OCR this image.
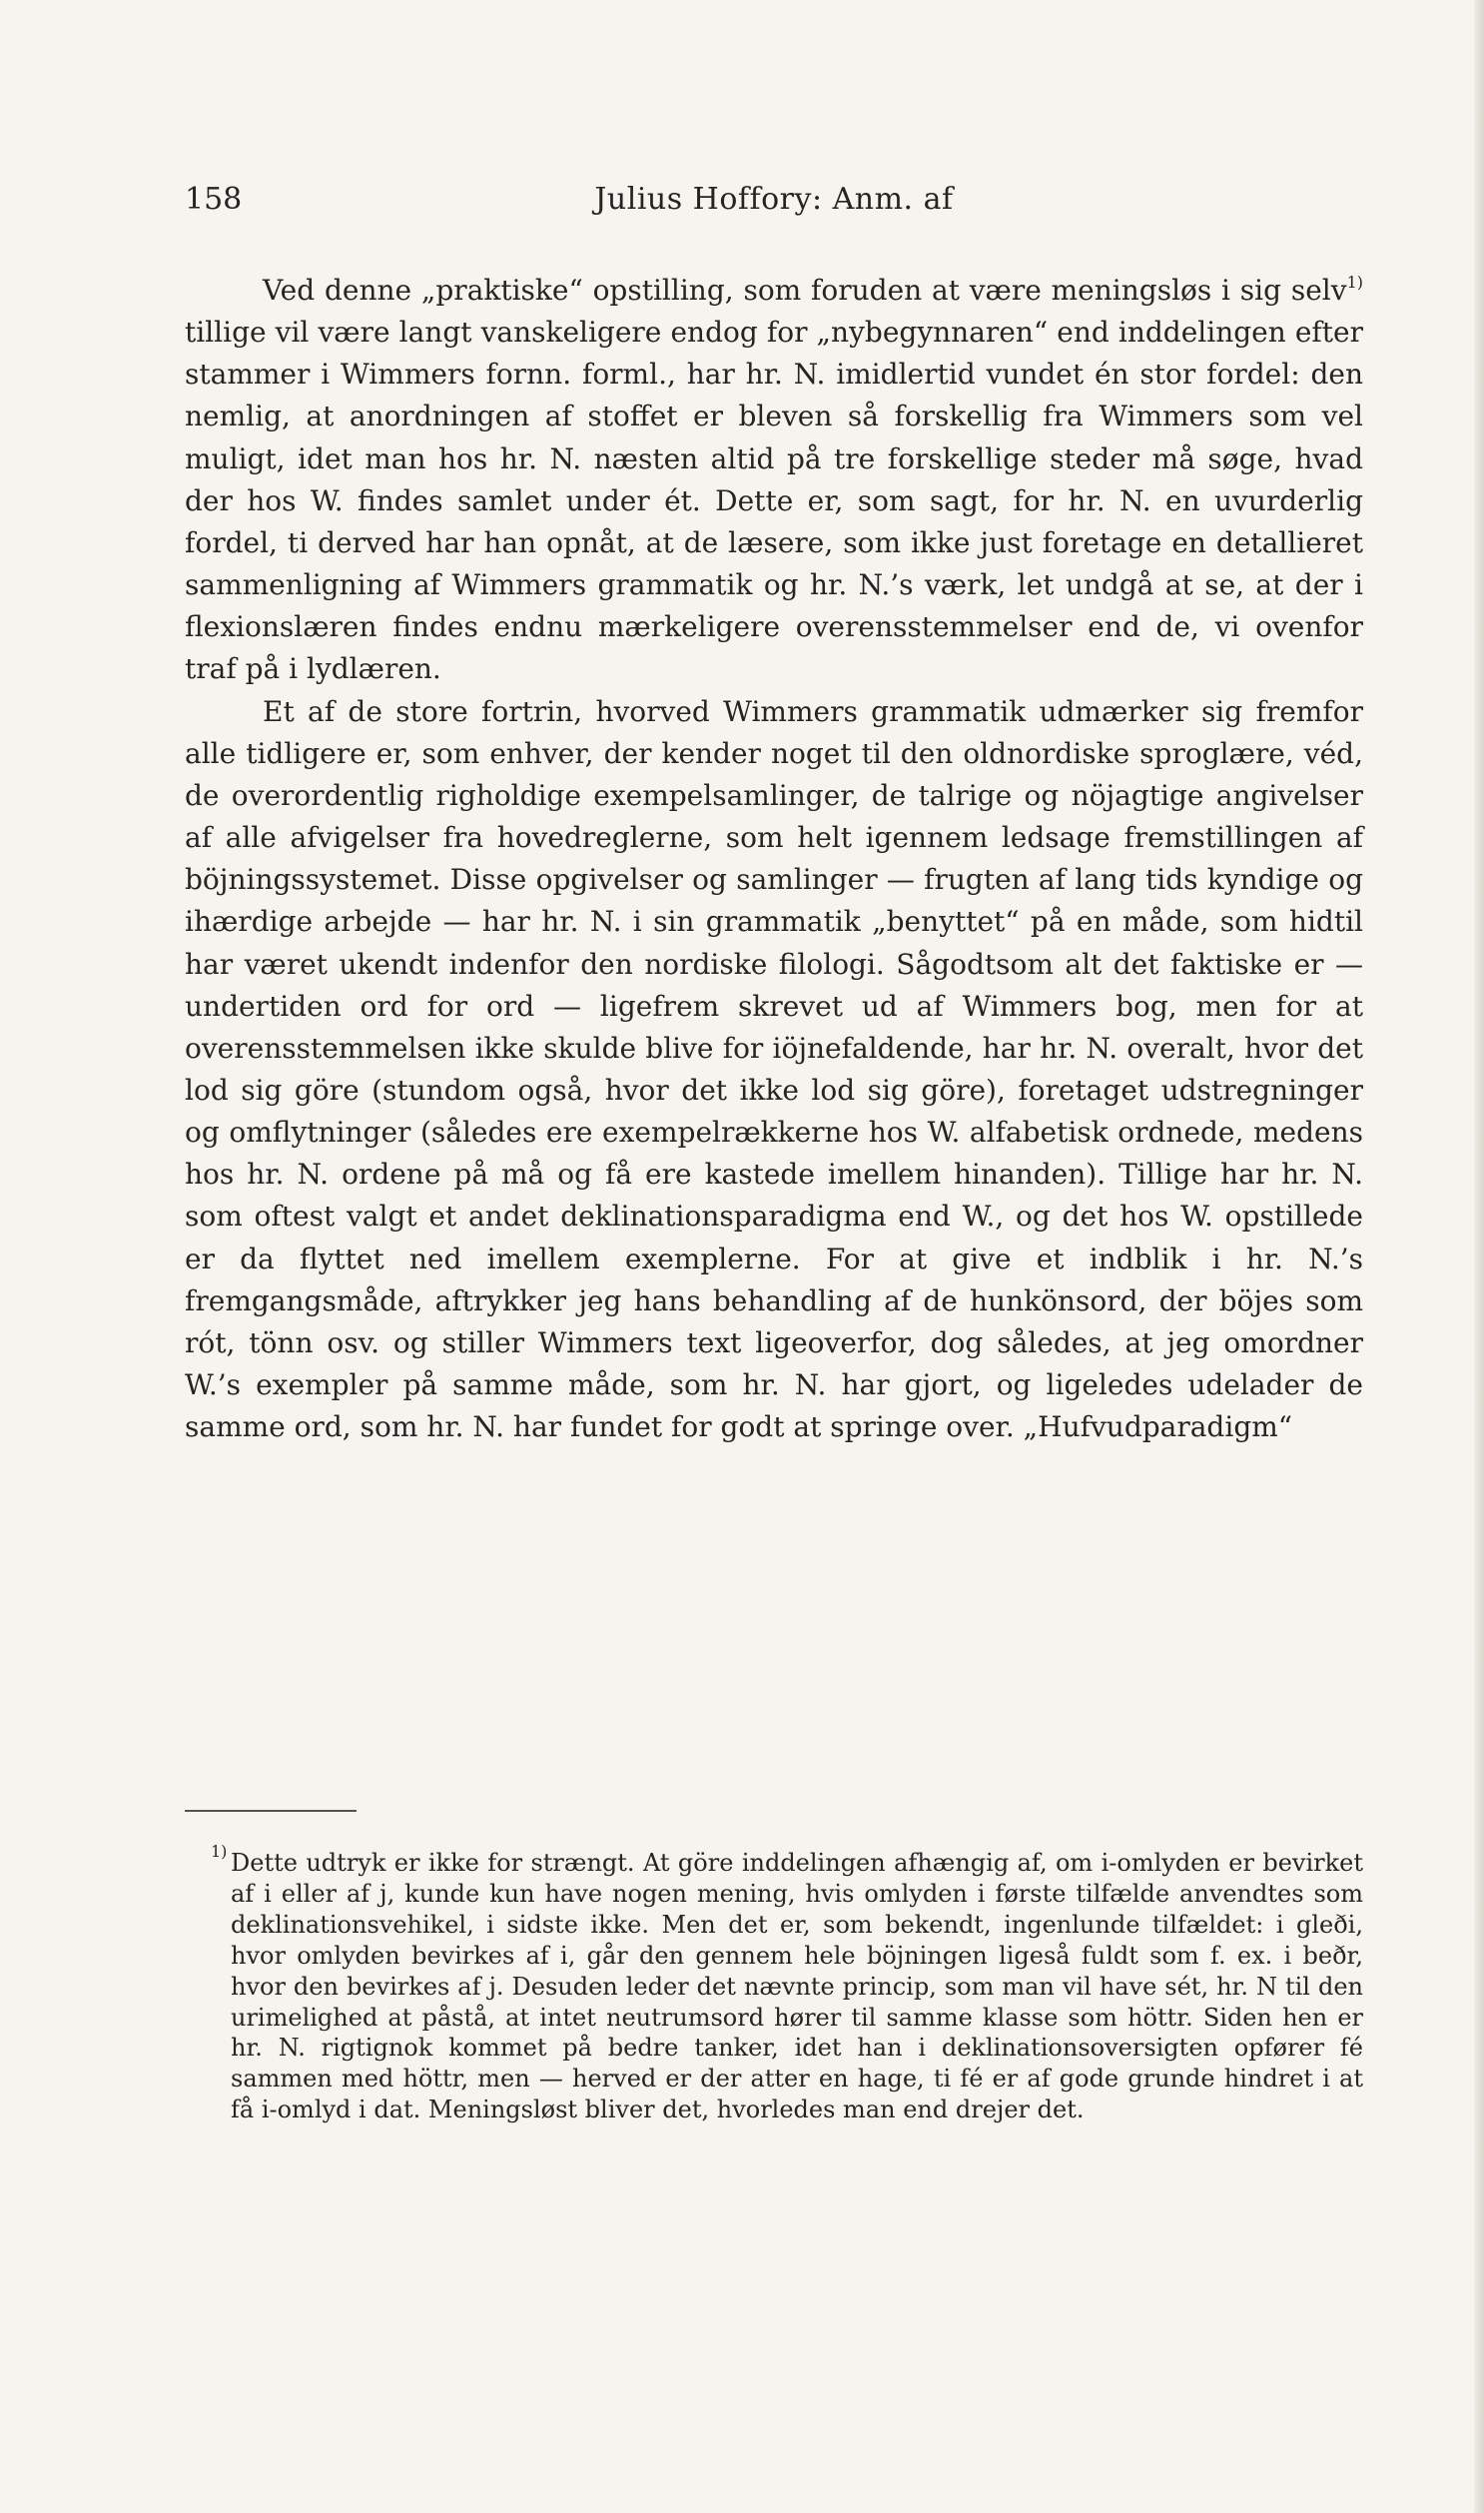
158	Julius Hoffory: Anm. af

Ved denne „praktiske“ opstilling, som foruden at være meningsløs i sig selv$^{1)}$ tillige vil være langt vanskeligere endog for „nybegynnaren“ end inddelingen efter stammer i Wimmers fornn. forml., har hr. N. imidlertid vundet én stor fordel: den nemlig, at anordningen af stoffet er bleven så forskellig fra Wimmers som vel muligt, idet man hos hr. N. næsten altid på tre forskellige steder må søge, hvad der hos W. findes samlet under ét. Dette er, som sagt, for hr. N. en uvurderlig fordel, ti derved har han opnåt, at de læsere, som ikke just foretage en detallieret sammenligning af Wimmers grammatik og hr. N.’s værk, let undgå at se, at der i flexionslæren findes endnu mærkeligere overensstemmelser end de, vi ovenfor traf på i lydlæren.

Et af de store fortrin, hvorved Wimmers grammatik udmærker sig fremfor alle tidligere er, som enhver, der kender noget til den oldnordiske sproglære, véd, de overordentlig righoldige exempelsamlinger, de talrige og nöjagtige angivelser af alle afvigelser fra hovedreglerne, som helt igennem ledsage fremstillingen af böjningssystemet. Disse opgivelser og samlinger — frugten af lang tids kyndige og ihærdige arbejde — har hr. N. i sin grammatik „benyttet“ på en måde, som hidtil har været ukendt indenfor den nordiske filologi. Sågodtsom alt det faktiske er — undertiden ord for ord — ligefrem skrevet ud af Wimmers bog, men for at overensstemmelsen ikke skulde blive for iöjnefaldende, har hr. N. overalt, hvor det lod sig göre (stundom også, hvor det ikke lod sig göre), foretaget udstregninger og omflytninger (således ere exempelrækkerne hos W. alfabetisk ordnede, medens hos hr. N. ordene på må og få ere kastede imellem hinanden). Tillige har hr. N. som oftest valgt et andet deklinationsparadigma end W., og det hos W. opstillede er da flyttet ned imellem exemplerne. For at give et indblik i hr. N.’s fremgangsmåde, aftrykker jeg hans behandling af de hunkönsord, der böjes som rót, tönn osv. og stiller Wimmers text ligeoverfor, dog således, at jeg omordner W.’s exempler på samme måde, som hr. N. har gjort, og ligeledes udelader de samme ord, som hr. N. har fundet for godt at springe over. „Hufvudparadigm“

1) Dette udtryk er ikke for strængt. At göre inddelingen afhængig af, om i-omlyden er bevirket af i eller af j, kunde kun have nogen mening, hvis omlyden i første tilfælde anvendtes som deklinationsvehikel, i sidste ikke. Men det er, som bekendt, ingenlunde tilfældet: i gleði, hvor omlyden bevirkes af i, går den gennem hele böjningen ligeså fuldt som f. ex. i beðr, hvor den bevirkes af j. Desuden leder det nævnte princip, som man vil have sét, hr. N til den urimelighed at påstå, at intet neutrumsord hører til samme klasse som höttr. Siden hen er hr. N. rigtignok kommet på bedre tanker, idet han i deklinationsoversigten opfører fé sammen med höttr, men — herved er der atter en hage, ti fé er af gode grunde hindret i at få i-omlyd i dat. Meningsløst bliver det, hvorledes man end drejer det.
